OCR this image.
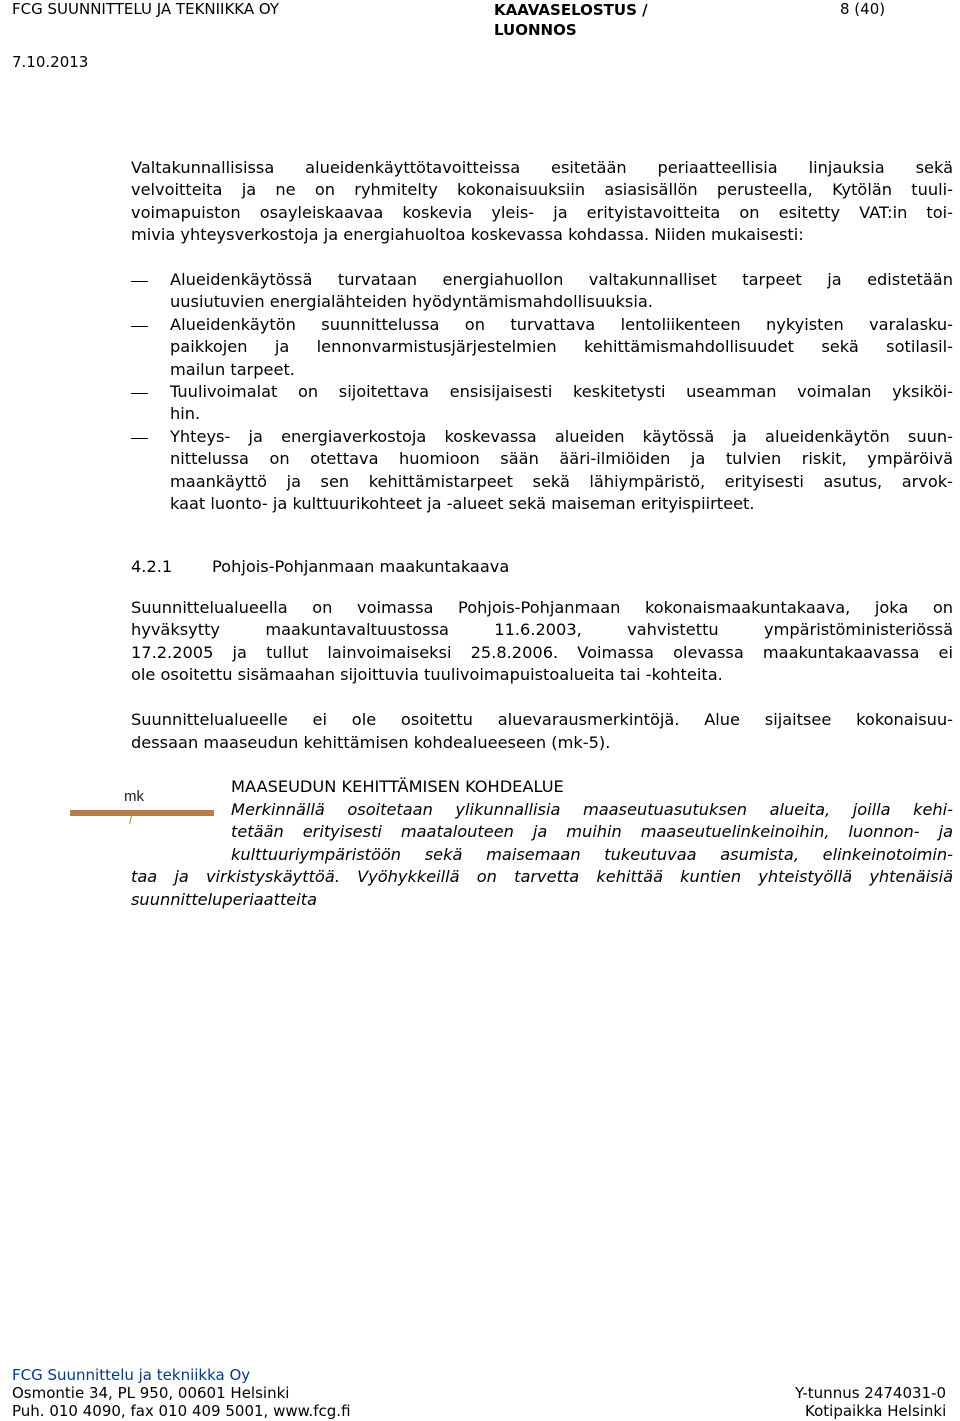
FCG SUUNNITTELU JA TEKNIIKKA OY	KAAVASELOSTUS /
LUONNOS
8 (40)
7.10.2013
Valtakunnallisissa alueidenkäyttötavoitteissa esitetään periaatteellisia linjauksia sekä
velvoitteita ja ne on ryhmitelty kokonaisuuksiin asiasisällön perusteella, Kytölän tuuli-
voimapuiston osayleiskaavaa koskevia yleis- ja erityistavoitteita on esitetty VAT:in toi-
mivia yhteysverkostoja ja energiahuoltoa koskevassa kohdassa. Niiden mukaisesti:
Alueidenkäytössä turvataan energiahuollon valtakunnalliset tarpeet ja edistetään
uusiutuvien energialähteiden hyödyntämismahdollisuuksia.
Alueidenkäytön suunnittelussa on turvattava lentoliikenteen nykyisten varalasku-
paikkojen ja lennonvarmistusjärjestelmien kehittämismahdollisuudet sekä sotilasil-
mailun tarpeet.
Tuulivoimalat on sijoitettava ensisijaisesti keskitetysti useamman voimalan yksiköi-
hin.
Yhteys- ja energiaverkostoja koskevassa alueiden käytössä ja alueidenkäytön suun-
nittelussa on otettava huomioon sään ääri-ilmiöiden ja tulvien riskit, ympäröivä
maankäyttö ja sen kehittämistarpeet sekä lähiympäristö, erityisesti asutus, arvok-
kaat luonto- ja kulttuurikohteet ja -alueet sekä maiseman erityispiirteet.
4.2.1 Pohjois-Pohjanmaan maakuntakaava
Suunnittelualueella on voimassa Pohjois-Pohjanmaan kokonaismaakuntakaava, joka on
hyväksytty maakuntavaltuustossa 11.6.2003, vahvistettu ympäristöministeriössä
17.2.2005 ja tullut lainvoimaiseksi 25.8.2006. Voimassa olevassa maakuntakaavassa ei
ole osoitettu sisämaahan sijoittuvia tuulivoimapuistoalueita tai -kohteita.
Suunnittelualueelle ei ole osoitettu aluevarausmerkintöjä. Alue sijaitsee kokonaisuu-
dessaan maaseudun kehittämisen kohdealueeseen (mk-5).
mk
MAASEUDUN KEHITTÄMISEN KOHDEALUE
Merkinnällä osoitetaan ylikunnallisia maaseutuasutuksen alueita, joilla kehi-
tetään erityisesti maatalouteen ja muihin maaseutuelinkeinoihin, luonnon- ja
kulttuuriympäristöön sekä maisemaan tukeutuvaa asumista, elinkeinotoimin-
taa ja virkistyskäyttöä. Vyöhykkeillä on tarvetta kehittää kuntien yhteistyöllä yhtenäisiä
suunnitteluperiaatteita
FCG Suunnittelu ja tekniikka Oy
Osmontie 34, PL 950, 00601 Helsinki
Puh. 010 4090, fax 010 409 5001, www.fcg.fi
Y-tunnus 2474031-0
Kotipaikka Helsinki
